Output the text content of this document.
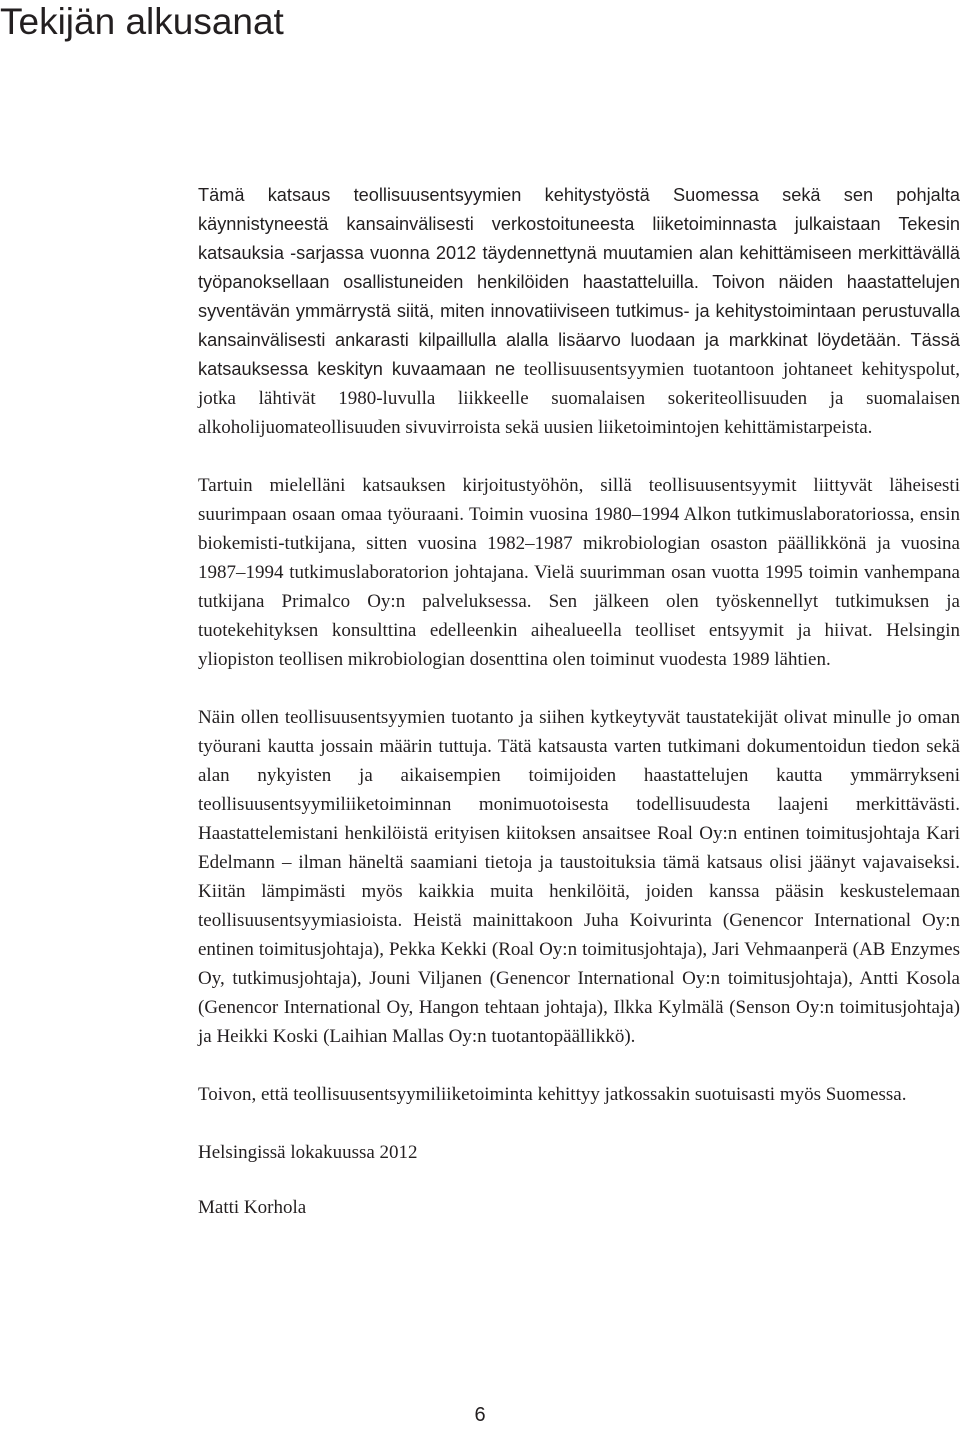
Tekijän alkusanat

Tämä katsaus teollisuusentsyymien kehitystyöstä Suomessa sekä sen pohjalta käynnistyneestä kansainvälisesti verkostoituneesta liiketoiminnasta julkaistaan Tekesin katsauksia -sarjassa vuonna 2012 täydennettynä muutamien alan kehittämiseen merkittävällä työpanoksellaan osallistuneiden henkilöiden haastatteluilla. Toivon näiden haastattelujen syventävän ymmärrystä siitä, miten innovatiiviseen tutkimus- ja kehitystoimintaan perustuvalla kansainvälisesti ankarasti kilpaillulla alalla lisäarvo luodaan ja markkinat löydetään. Tässä katsauksessa keskityn kuvaamaan ne teollisuusentsyymien tuotantoon johtaneet kehityspolut, jotka lähtivät 1980-luvulla liikkeelle suomalaisen sokeriteollisuuden ja suomalaisen alkoholijuomateollisuuden sivuvirroista sekä uusien liiketoimintojen kehittämistarpeista.

Tartuin mielelläni katsauksen kirjoitustyöhön, sillä teollisuusentsyymit liittyvät läheisesti suurimpaan osaan omaa työuraani. Toimin vuosina 1980–1994 Alkon tutkimuslaboratoriossa, ensin biokemisti-tutkijana, sitten vuosina 1982–1987 mikrobiologian osaston päällikkönä ja vuosina 1987–1994 tutkimuslaboratorion johtajana. Vielä suurimman osan vuotta 1995 toimin vanhempana tutkijana Primalco Oy:n palveluksessa. Sen jälkeen olen työskennellyt tutkimuksen ja tuotekehityksen konsulttina edelleenkin aihealueella teolliset entsyymit ja hiivat. Helsingin yliopiston teollisen mikrobiologian dosenttina olen toiminut vuodesta 1989 lähtien.

Näin ollen teollisuusentsyymien tuotanto ja siihen kytkeytyvät taustatekijät olivat minulle jo oman työurani kautta jossain määrin tuttuja. Tätä katsausta varten tutkimani dokumentoidun tiedon sekä alan nykyisten ja aikaisempien toimijoiden haastattelujen kautta ymmärrykseni teollisuusentsyymiliiketoiminnan monimuotoisesta todellisuudesta laajeni merkittävästi. Haastattelemistani henkilöistä erityisen kiitoksen ansaitsee Roal Oy:n entinen toimitusjohtaja Kari Edelmann – ilman häneltä saamiani tietoja ja taustoituksia tämä katsaus olisi jäänyt vajavaiseksi. Kiitän lämpimästi myös kaikkia muita henkilöitä, joiden kanssa pääsin keskustelemaan teollisuusentsyymiasioista. Heistä mainittakoon Juha Koivurinta (Genencor International Oy:n entinen toimitusjohtaja), Pekka Kekki (Roal Oy:n toimitusjohtaja), Jari Vehmaanperä (AB Enzymes Oy, tutkimusjohtaja), Jouni Viljanen (Genencor International Oy:n toimitusjohtaja), Antti Kosola (Genencor International Oy, Hangon tehtaan johtaja), Ilkka Kylmälä (Senson Oy:n toimitusjohtaja) ja Heikki Koski (Laihian Mallas Oy:n tuotantopäällikkö).

Toivon, että teollisuusentsyymiliiketoiminta kehittyy jatkossakin suotuisasti myös Suomessa.

Helsingissä lokakuussa 2012

Matti Korhola

6
